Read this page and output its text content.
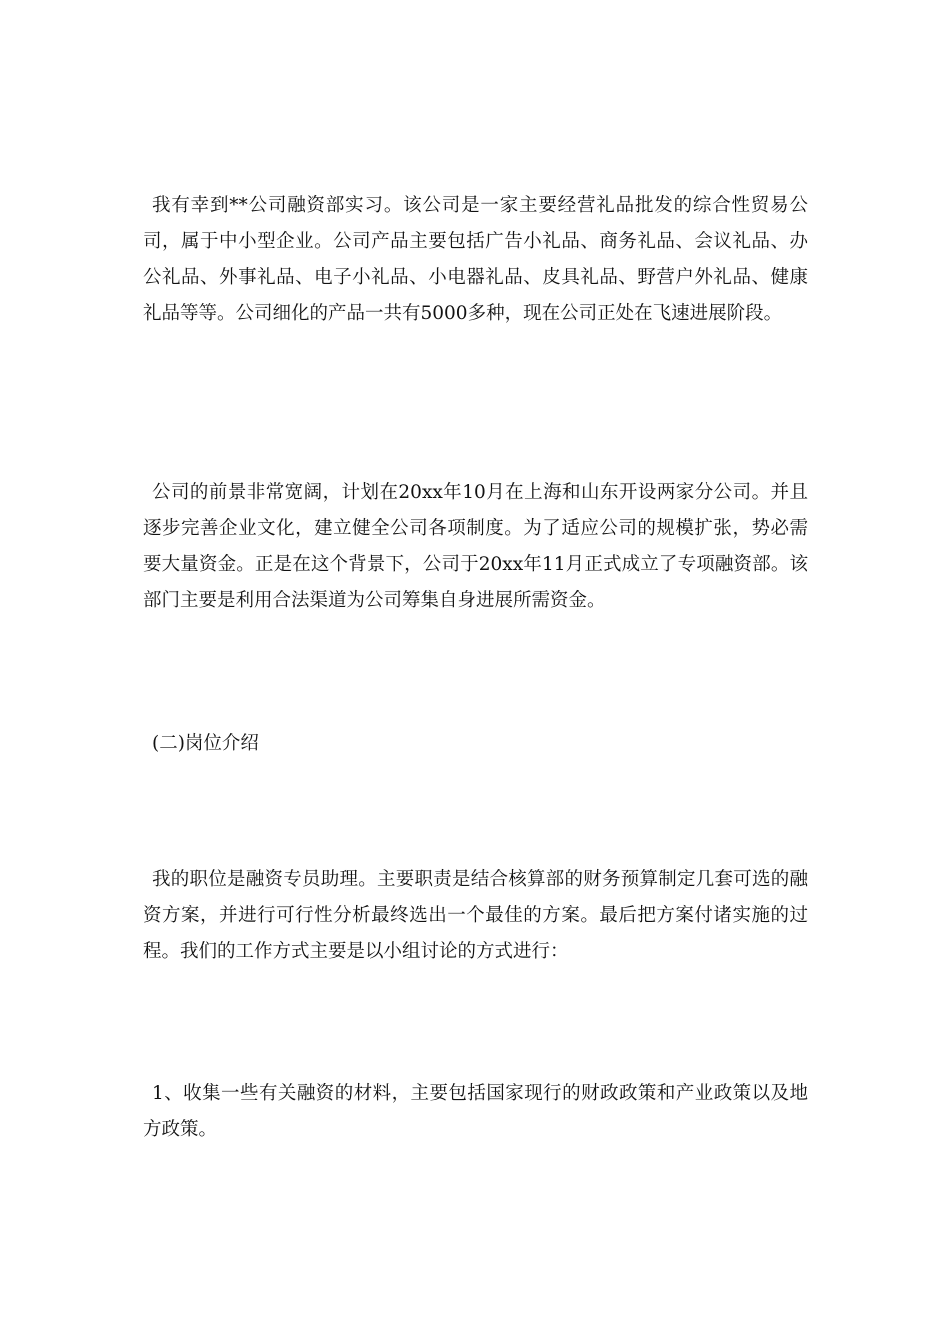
我有幸到**公司融资部实习。该公司是一家主要经营礼品批发的综合性贸易公司，属于中小型企业。公司产品主要包括广告小礼品、商务礼品、会议礼品、办公礼品、外事礼品、电子小礼品、小电器礼品、皮具礼品、野营户外礼品、健康礼品等等。公司细化的产品一共有5000多种，现在公司正处在飞速进展阶段。

公司的前景非常宽阔，计划在20xx年10月在上海和山东开设两家分公司。并且逐步完善企业文化，建立健全公司各项制度。为了适应公司的规模扩张，势必需要大量资金。正是在这个背景下，公司于20xx年11月正式成立了专项融资部。该部门主要是利用合法渠道为公司筹集自身进展所需资金。

(二)岗位介绍

我的职位是融资专员助理。主要职责是结合核算部的财务预算制定几套可选的融资方案，并进行可行性分析最终选出一个最佳的方案。最后把方案付诸实施的过程。我们的工作方式主要是以小组讨论的方式进行：

1、收集一些有关融资的材料，主要包括国家现行的财政政策和产业政策以及地方政策。
